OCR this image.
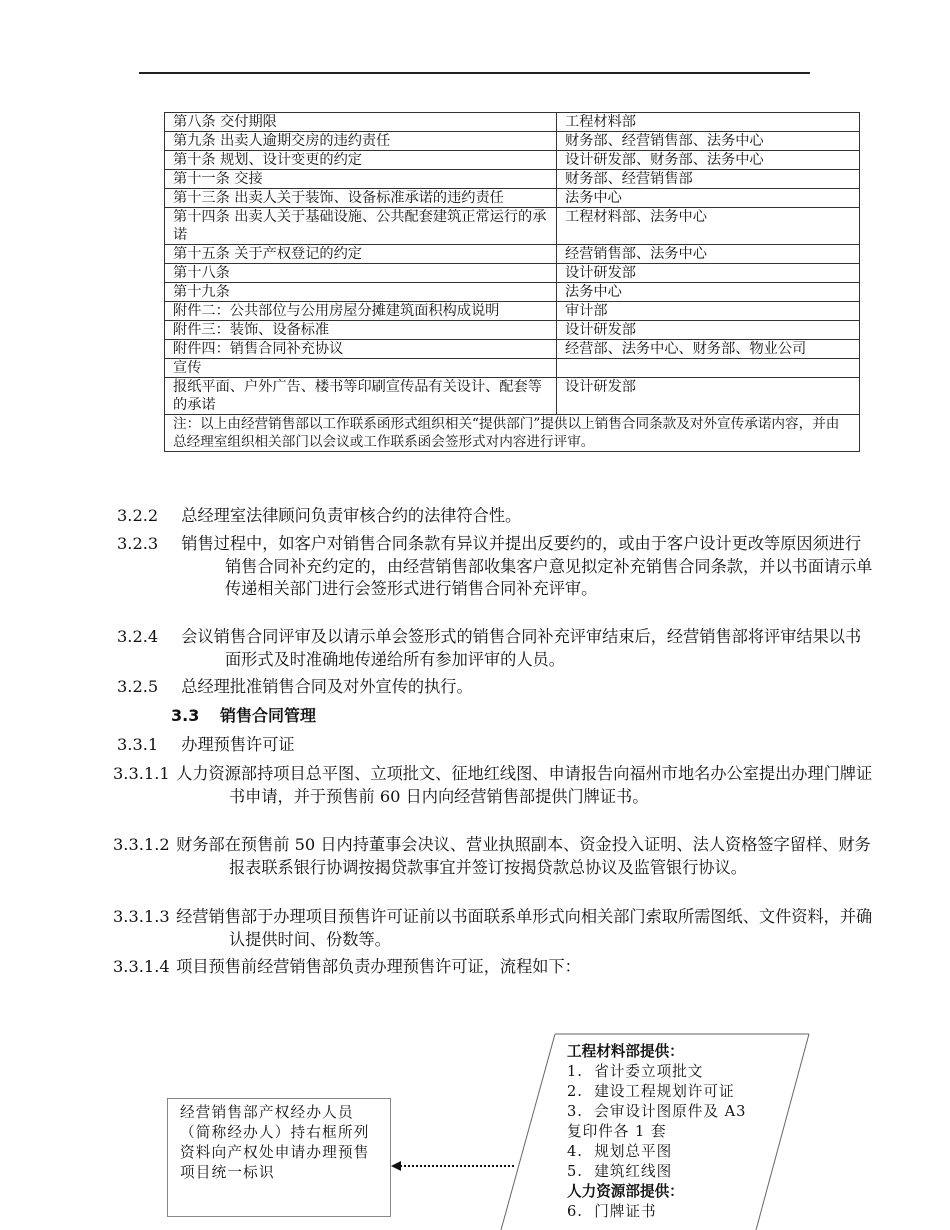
第八条 交付期限	工程材料部
第九条 出卖人逾期交房的违约责任	财务部、经营销售部、法务中心
第十条 规划、设计变更的约定	设计研发部、财务部、法务中心
第十一条 交接	财务部、经营销售部
第十三条 出卖人关于装饰、设备标准承诺的违约责任	法务中心
第十四条 出卖人关于基础设施、公共配套建筑正常运行的承诺	工程材料部、法务中心
第十五条 关于产权登记的约定	经营销售部、法务中心
第十八条	设计研发部
第十九条	法务中心
附件二：公共部位与公用房屋分摊建筑面积构成说明	审计部
附件三：装饰、设备标准	设计研发部
附件四：销售合同补充协议	经营部、法务中心、财务部、物业公司
宣传	
报纸平面、户外广告、楼书等印刷宣传品有关设计、配套等的承诺	设计研发部
注：以上由经营销售部以工作联系函形式组织相关“提供部门”提供以上销售合同条款及对外宣传承诺内容，并由总经理室组织相关部门以会议或工作联系函会签形式对内容进行评审。	
3.2.2 总经理室法律顾问负责审核合约的法律符合性。
3.2.3 销售过程中，如客户对销售合同条款有异议并提出反要约的，或由于客户设计更改等原因须进行销售合同补充约定的，由经营销售部收集客户意见拟定补充销售合同条款，并以书面请示单传递相关部门进行会签形式进行销售合同补充评审。
3.2.4 会议销售合同评审及以请示单会签形式的销售合同补充评审结束后，经营销售部将评审结果以书面形式及时准确地传递给所有参加评审的人员。
3.2.5 总经理批准销售合同及对外宣传的执行。
3.3 销售合同管理
3.3.1 办理预售许可证
3.3.1.1 人力资源部持项目总平图、立项批文、征地红线图、申请报告向福州市地名办公室提出办理门牌证书申请，并于预售前 60 日内向经营销售部提供门牌证书。
3.3.1.2 财务部在预售前 50 日内持董事会决议、营业执照副本、资金投入证明、法人资格签字留样、财务报表联系银行协调按揭贷款事宜并签订按揭贷款总协议及监管银行协议。
3.3.1.3 经营销售部于办理项目预售许可证前以书面联系单形式向相关部门索取所需图纸、文件资料，并确认提供时间、份数等。
3.3.1.4 项目预售前经营销售部负责办理预售许可证，流程如下：
经营销售部产权经办人员（简称经办人）持右框所列资料向产权处申请办理预售项目统一标识
工程材料部提供：
1. 省计委立项批文
2. 建设工程规划许可证
3. 会审设计图原件及 A3 复印件各 1 套
4. 规划总平图
5. 建筑红线图
人力资源部提供：
6. 门牌证书
